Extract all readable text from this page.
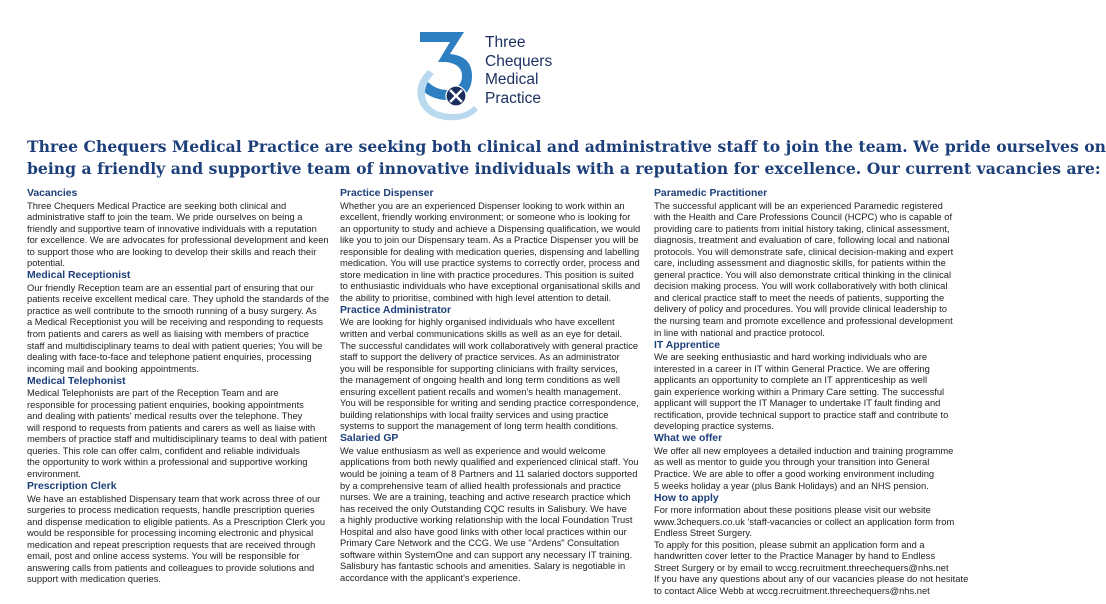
Three
Chequers
Medical
Practice
Three Chequers Medical Practice are seeking both clinical and administrative staff to join the team. We pride ourselves on
being a friendly and supportive team of innovative individuals with a reputation for excellence. Our current vacancies are:
Vacancies
Three Chequers Medical Practice are seeking both clinical and
administrative staff to join the team. We pride ourselves on being a
friendly and supportive team of innovative individuals with a reputation
for excellence. We are advocates for professional development and keen
to support those who are looking to develop their skills and reach their
potential.
Medical Receptionist
Our friendly Reception team are an essential part of ensuring that our
patients receive excellent medical care. They uphold the standards of the
practice as well contribute to the smooth running of a busy surgery. As
a Medical Receptionist you will be receiving and responding to requests
from patients and carers as well as liaising with members of practice
staff and multidisciplinary teams to deal with patient queries; You will be
dealing with face-to-face and telephone patient enquiries, processing
incoming mail and booking appointments.
Medical Telephonist
Medical Telephonists are part of the Reception Team and are
responsible for processing patient enquiries, booking appointments
and dealing with patients' medical results over the telephone. They
will respond to requests from patients and carers as well as liaise with
members of practice staff and multidisciplinary teams to deal with patient
queries. This role can offer calm, confident and reliable individuals
the opportunity to work within a professional and supportive working
environment.
Prescription Clerk
We have an established Dispensary team that work across three of our
surgeries to process medication requests, handle prescription queries
and dispense medication to eligible patients. As a Prescription Clerk you
would be responsible for processing incoming electronic and physical
medication and repeat prescription requests that are received through
email, post and online access systems. You will be responsible for
answering calls from patients and colleagues to provide solutions and
support with medication queries.
Practice Dispenser
Whether you are an experienced Dispenser looking to work within an
excellent, friendly working environment; or someone who is looking for
an opportunity to study and achieve a Dispensing qualification, we would
like you to join our Dispensary team. As a Practice Dispenser you will be
responsible for dealing with medication queries, dispensing and labelling
medication. You will use practice systems to correctly order, process and
store medication in line with practice procedures. This position is suited
to enthusiastic individuals who have exceptional organisational skills and
the ability to prioritise, combined with high level attention to detail.
Practice Administrator
We are looking for highly organised individuals who have excellent
written and verbal communications skills as well as an eye for detail.
The successful candidates will work collaboratively with general practice
staff to support the delivery of practice services. As an administrator
you will be responsible for supporting clinicians with frailty services,
the management of ongoing health and long term conditions as well
ensuring excellent patient recalls and women's health management.
You will be responsible for writing and sending practice correspondence,
building relationships with local frailty services and using practice
systems to support the management of long term health conditions.
Salaried GP
We value enthusiasm as well as experience and would welcome
applications from both newly qualified and experienced clinical staff. You
would be joining a team of 8 Partners and 11 salaried doctors supported
by a comprehensive team of allied health professionals and practice
nurses. We are a training, teaching and active research practice which
has received the only Outstanding CQC results in Salisbury. We have
a highly productive working relationship with the local Foundation Trust
Hospital and also have good links with other local practices within our
Primary Care Network and the CCG. We use "Ardens" Consultation
software within SystemOne and can support any necessary IT training.
Salisbury has fantastic schools and amenities. Salary is negotiable in
accordance with the applicant's experience.
Paramedic Practitioner
The successful applicant will be an experienced Paramedic registered
with the Health and Care Professions Council (HCPC) who is capable of
providing care to patients from initial history taking, clinical assessment,
diagnosis, treatment and evaluation of care, following local and national
protocols. You will demonstrate safe, clinical decision-making and expert
care, including assessment and diagnostic skills, for patients within the
general practice. You will also demonstrate critical thinking in the clinical
decision making process. You will work collaboratively with both clinical
and clerical practice staff to meet the needs of patients, supporting the
delivery of policy and procedures. You will provide clinical leadership to
the nursing team and promote excellence and professional development
in line with national and practice protocol.
IT Apprentice
We are seeking enthusiastic and hard working individuals who are
interested in a career in IT within General Practice. We are offering
applicants an opportunity to complete an IT apprenticeship as well
gain experience working within a Primary Care setting. The successful
applicant will support the IT Manager to undertake IT fault finding and
rectification, provide technical support to practice staff and contribute to
developing practice systems.
What we offer
We offer all new employees a detailed induction and training programme
as well as mentor to guide you through your transition into General
Practice. We are able to offer a good working environment including
5 weeks holiday a year (plus Bank Holidays) and an NHS pension.
How to apply
For more information about these positions please visit our website
www.3chequers.co.uk 'staff-vacancies or collect an application form from
Endless Street Surgery.
To apply for this position, please submit an application form and a
handwritten cover letter to the Practice Manager by hand to Endless
Street Surgery or by email to wccg.recruitment.threechequers@nhs.net
If you have any questions about any of our vacancies please do not hesitate
to contact Alice Webb at wccg.recruitment.threechequers@nhs.net
